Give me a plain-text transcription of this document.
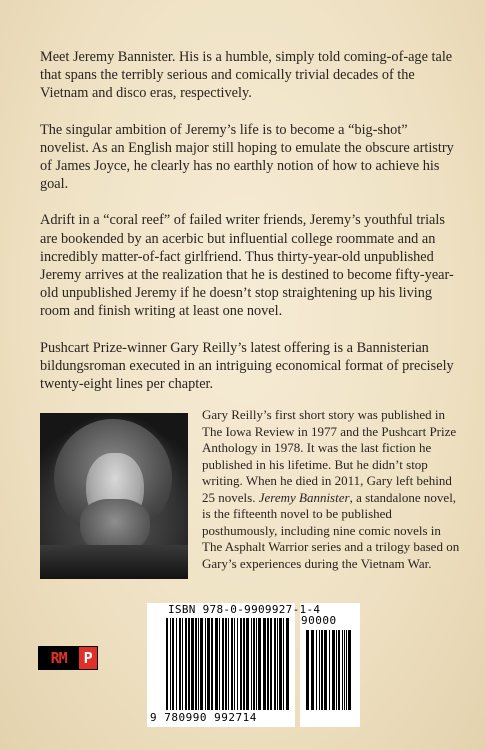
Meet Jeremy Bannister. His is a humble, simply told coming-of-age tale that spans the terribly serious and comically trivial decades of the Vietnam and disco eras, respectively.

The singular ambition of Jeremy’s life is to become a “big-shot” novelist. As an English major still hoping to emulate the obscure artistry of James Joyce, he clearly has no earthly notion of how to achieve his goal.

Adrift in a “coral reef” of failed writer friends, Jeremy’s youthful trials are bookended by an acerbic but influential college roommate and an incredibly matter-of-fact girlfriend. Thus thirty-year-old unpublished Jeremy arrives at the realization that he is destined to become fifty-year-old unpublished Jeremy if he doesn’t stop straightening up his living room and finish writing at least one novel.

Pushcart Prize-winner Gary Reilly’s latest offering is a Bannisterian bildungsroman executed in an intriguing economical format of precisely twenty-eight lines per chapter.

Gary Reilly’s first short story was published in The Iowa Review in 1977 and the Pushcart Prize Anthology in 1978. It was the last fiction he published in his lifetime. But he didn’t stop writing. When he died in 2011, Gary left behind 25 novels. Jeremy Bannister, a standalone novel, is the fifteenth novel to be published posthumously, including nine comic novels in The Asphalt Warrior series and a trilogy based on Gary’s experiences during the Vietnam War.
RM	P
ISBN 978-0-9909927-1-4
90000
9 780990 992714
